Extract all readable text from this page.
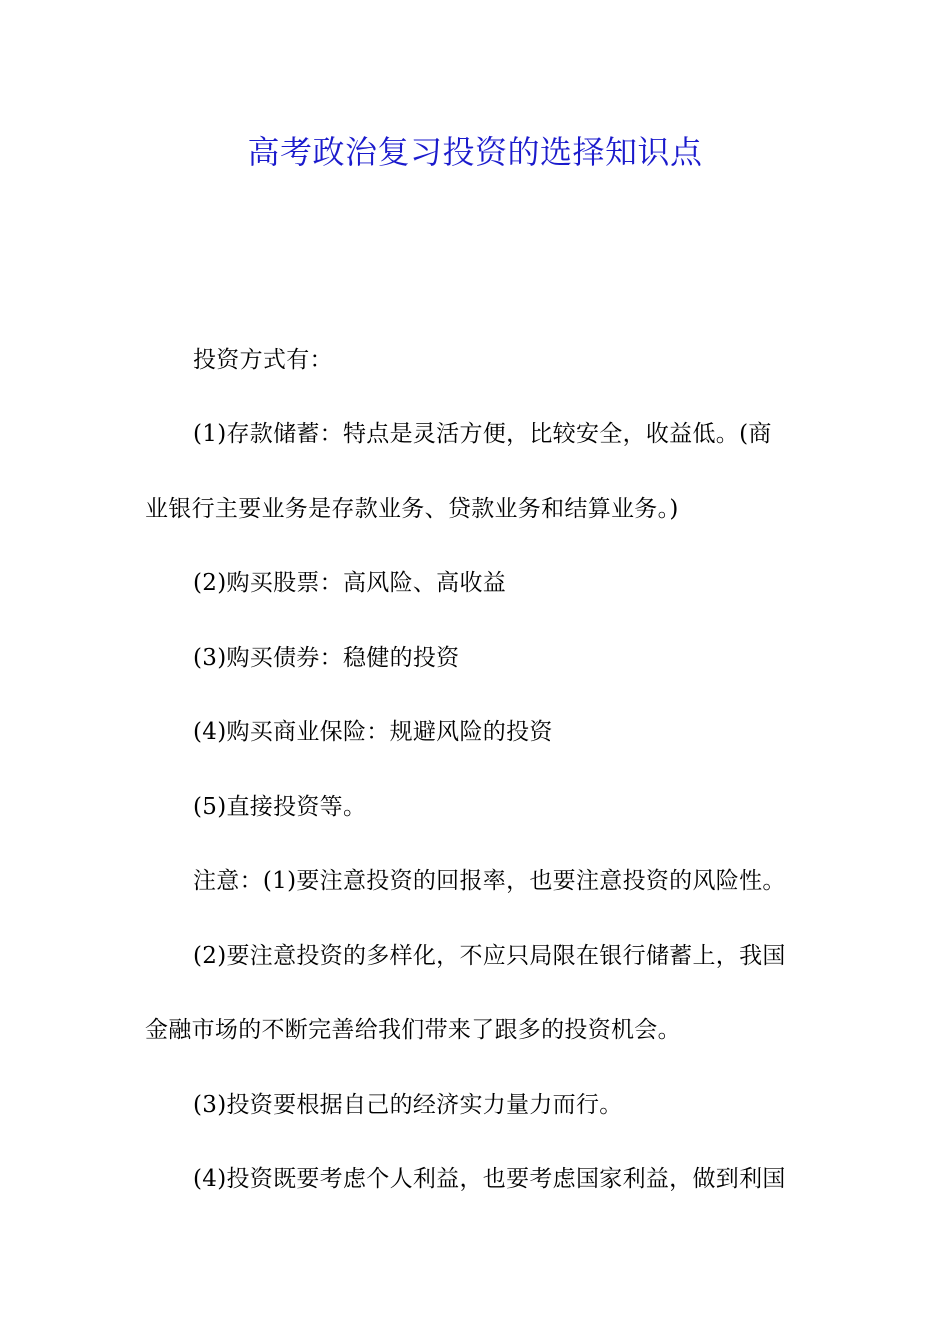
高考政治复习投资的选择知识点
投资方式有：
(1)存款储蓄：特点是灵活方便，比较安全，收益低。(商
业银行主要业务是存款业务、贷款业务和结算业务。)
(2)购买股票：高风险、高收益
(3)购买债券：稳健的投资
(4)购买商业保险：规避风险的投资
(5)直接投资等。
注意：(1)要注意投资的回报率，也要注意投资的风险性。
(2)要注意投资的多样化，不应只局限在银行储蓄上，我国
金融市场的不断完善给我们带来了跟多的投资机会。
(3)投资要根据自己的经济实力量力而行。
(4)投资既要考虑个人利益，也要考虑国家利益，做到利国
